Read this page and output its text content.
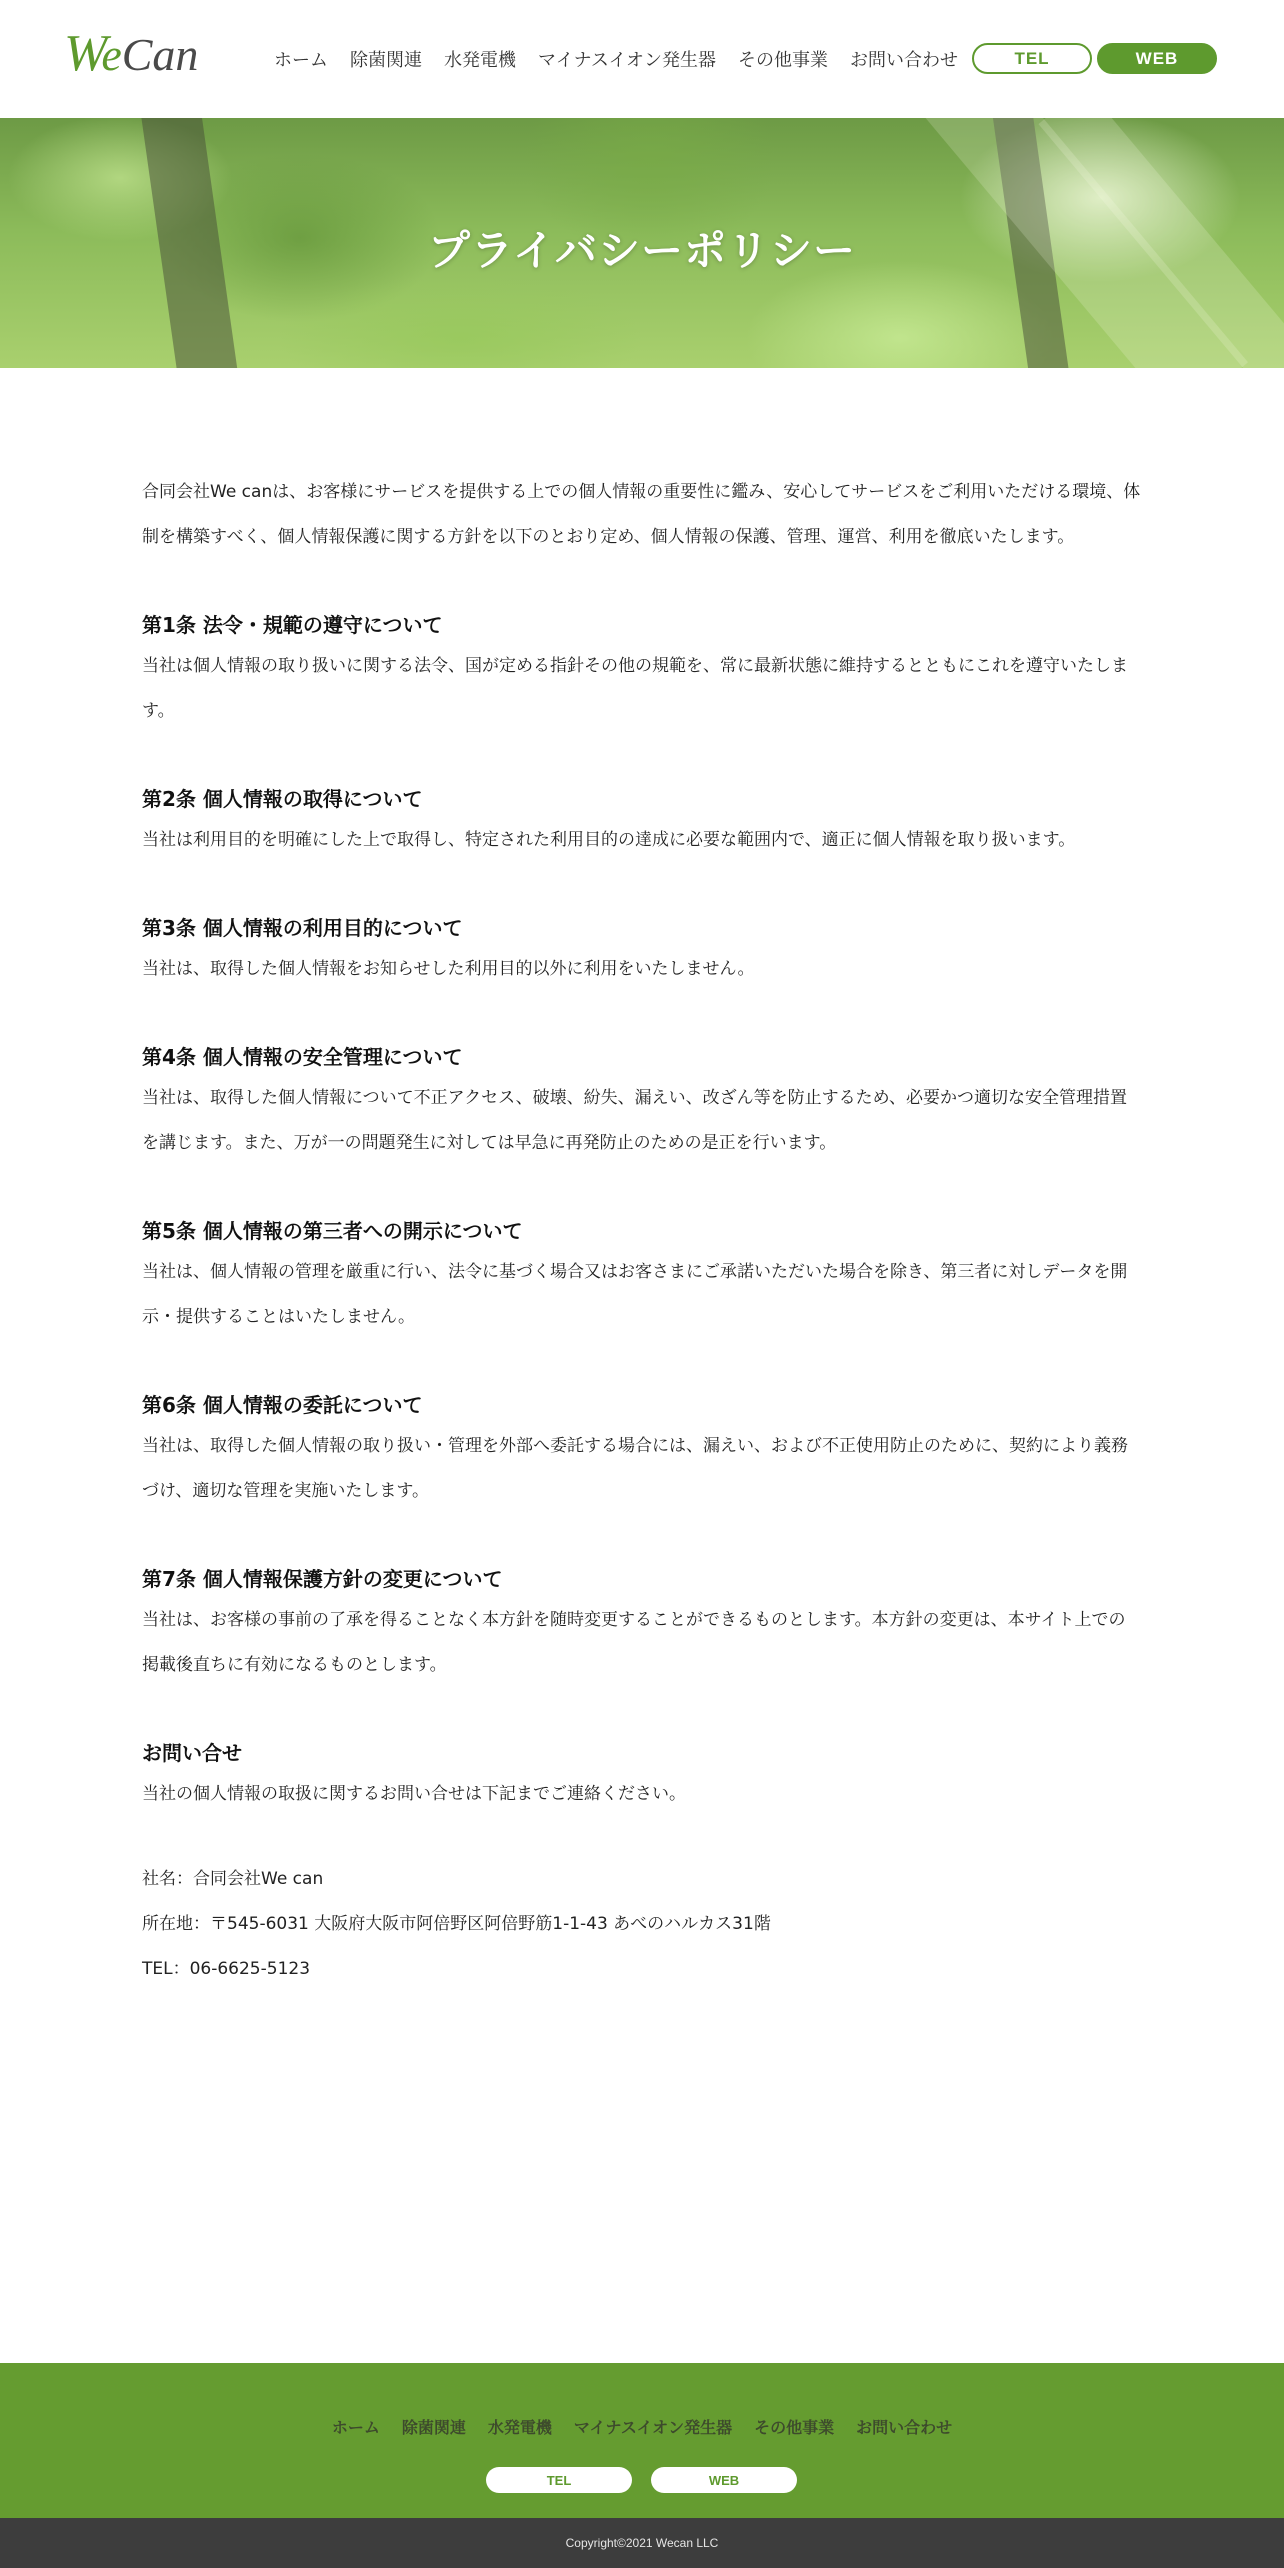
W eCan	ホーム 除菌関連 水発電機 マイナスイオン発生器 その他事業 お問い合わせ	TEL	WEB
プライバシーポリシー

合同会社We canは、お客様にサービスを提供する上での個人情報の重要性に鑑み、安心してサービスをご利用いただける環境、体制を構築すべく、個人情報保護に関する方針を以下のとおり定め、個人情報の保護、管理、運営、利用を徹底いたします。

第1条 法令・規範の遵守について

当社は個人情報の取り扱いに関する法令、国が定める指針その他の規範を、常に最新状態に維持するとともにこれを遵守いたします。

第2条 個人情報の取得について

当社は利用目的を明確にした上で取得し、特定された利用目的の達成に必要な範囲内で、適正に個人情報を取り扱います。

第3条 個人情報の利用目的について

当社は、取得した個人情報をお知らせした利用目的以外に利用をいたしません。

第4条 個人情報の安全管理について

当社は、取得した個人情報について不正アクセス、破壊、紛失、漏えい、改ざん等を防止するため、必要かつ適切な安全管理措置を講じます。また、万が一の問題発生に対しては早急に再発防止のための是正を行います。

第5条 個人情報の第三者への開示について

当社は、個人情報の管理を厳重に行い、法令に基づく場合又はお客さまにご承諾いただいた場合を除き、第三者に対しデータを開示・提供することはいたしません。

第6条 個人情報の委託について

当社は、取得した個人情報の取り扱い・管理を外部へ委託する場合には、漏えい、および不正使用防止のために、契約により義務づけ、適切な管理を実施いたします。

第7条 個人情報保護方針の変更について

当社は、お客様の事前の了承を得ることなく本方針を随時変更することができるものとします。本方針の変更は、本サイト上での掲載後直ちに有効になるものとします。

お問い合せ

当社の個人情報の取扱に関するお問い合せは下記までご連絡ください。

社名：合同会社We can

所在地：〒545-6031 大阪府大阪市阿倍野区阿倍野筋1-1-43 あべのハルカス31階

TEL：06-6625-5123

ホーム 除菌関連 水発電機 マイナスイオン発生器 その他事業 お問い合わせ
TEL	WEB
Copyright©2021 Wecan LLC
